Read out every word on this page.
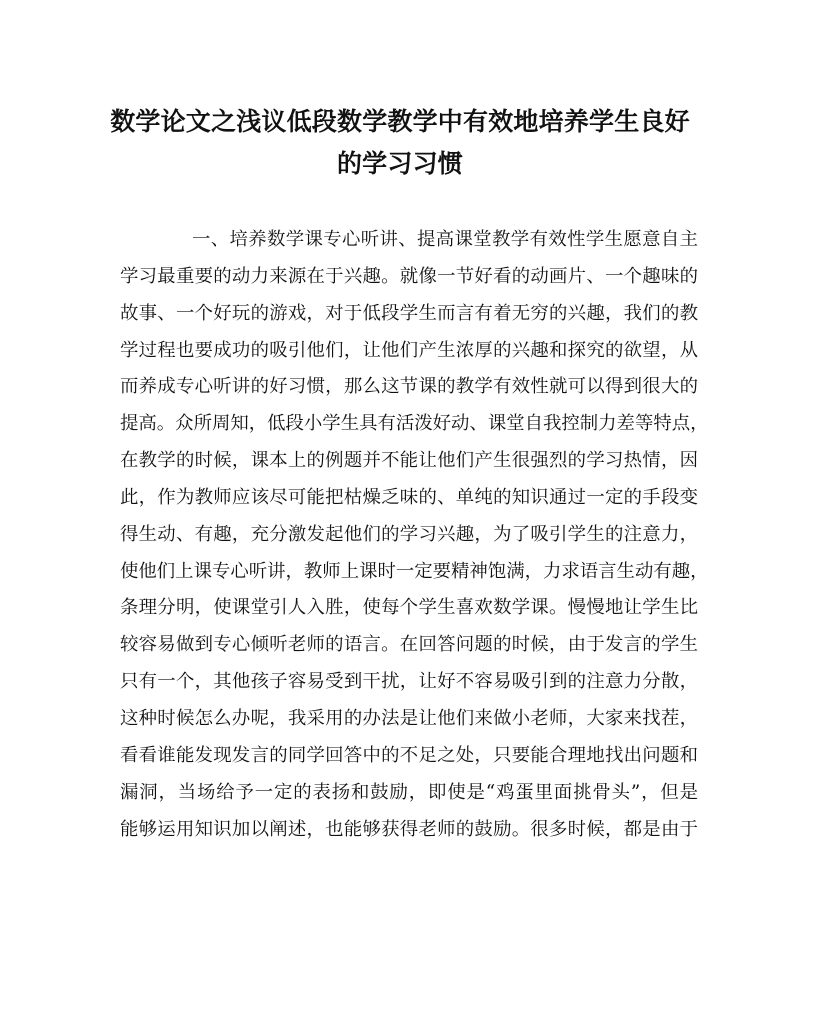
数学论文之浅议低段数学教学中有效地培养学生良好
的学习习惯
一、培养数学课专心听讲、提高课堂教学有效性学生愿意自主
学习最重要的动力来源在于兴趣。就像一节好看的动画片、一个趣味的
故事、一个好玩的游戏，对于低段学生而言有着无穷的兴趣，我们的教
学过程也要成功的吸引他们，让他们产生浓厚的兴趣和探究的欲望，从
而养成专心听讲的好习惯，那么这节课的教学有效性就可以得到很大的
提高。众所周知，低段小学生具有活泼好动、课堂自我控制力差等特点，
在教学的时候，课本上的例题并不能让他们产生很强烈的学习热情，因
此，作为教师应该尽可能把枯燥乏味的、单纯的知识通过一定的手段变
得生动、有趣，充分激发起他们的学习兴趣，为了吸引学生的注意力，
使他们上课专心听讲，教师上课时一定要精神饱满，力求语言生动有趣，
条理分明，使课堂引人入胜，使每个学生喜欢数学课。慢慢地让学生比
较容易做到专心倾听老师的语言。在回答问题的时候，由于发言的学生
只有一个，其他孩子容易受到干扰，让好不容易吸引到的注意力分散，
这种时候怎么办呢，我采用的办法是让他们来做小老师，大家来找茬，
看看谁能发现发言的同学回答中的不足之处，只要能合理地找出问题和
漏洞，当场给予一定的表扬和鼓励，即使是“鸡蛋里面挑骨头”，但是
能够运用知识加以阐述，也能够获得老师的鼓励。很多时候，都是由于
